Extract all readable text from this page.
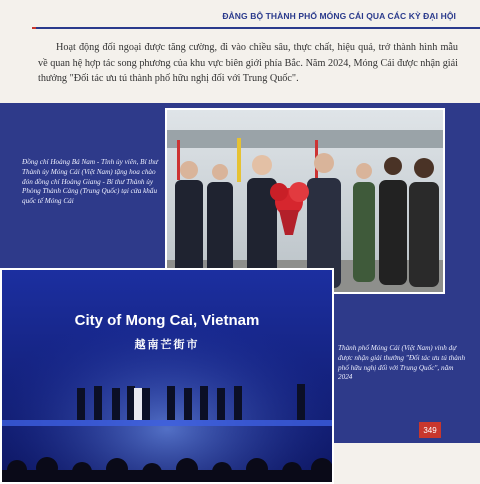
ĐẢNG BỘ THÀNH PHỐ MÓNG CÁI QUA CÁC KỲ ĐẠI HỘI

Hoạt động đối ngoại được tăng cường, đi vào chiều sâu, thực chất, hiệu quả, trở thành hình mẫu về quan hệ hợp tác song phương của khu vực biên giới phía Bắc. Năm 2024, Móng Cái được nhận giải thưởng "Đối tác ưu tú thành phố hữu nghị đối với Trung Quốc".

Đồng chí Hoàng Bá Nam - Tỉnh ủy viên, Bí thư Thành ủy Móng Cái (Việt Nam) tặng hoa chào đón đồng chí Hoàng Giang - Bí thư Thành ủy Phòng Thành Cảng (Trung Quốc) tại cửa khẩu quốc tế Móng Cái

City of Mong Cai, Vietnam
越南芒街市	Thành phố Móng Cái (Việt Nam) vinh dự được nhận giải thưởng "Đối tác ưu tú thành phố hữu nghị đối với Trung Quốc", năm 2024

349
